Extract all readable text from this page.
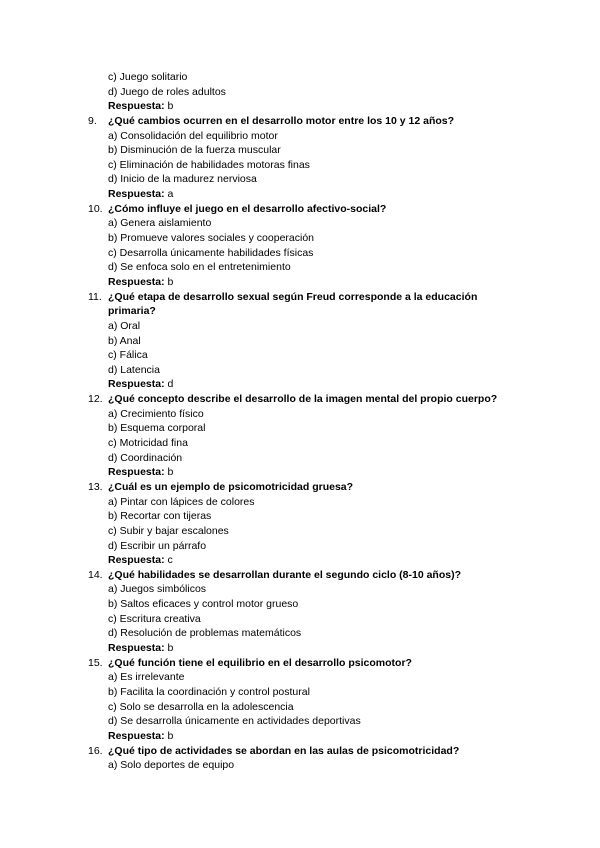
c) Juego solitario
d) Juego de roles adultos
Respuesta: b
9. ¿Qué cambios ocurren en el desarrollo motor entre los 10 y 12 años?
a) Consolidación del equilibrio motor
b) Disminución de la fuerza muscular
c) Eliminación de habilidades motoras finas
d) Inicio de la madurez nerviosa
Respuesta: a
10. ¿Cómo influye el juego en el desarrollo afectivo-social?
a) Genera aislamiento
b) Promueve valores sociales y cooperación
c) Desarrolla únicamente habilidades físicas
d) Se enfoca solo en el entretenimiento
Respuesta: b
11. ¿Qué etapa de desarrollo sexual según Freud corresponde a la educación primaria?
a) Oral
b) Anal
c) Fálica
d) Latencia
Respuesta: d
12. ¿Qué concepto describe el desarrollo de la imagen mental del propio cuerpo?
a) Crecimiento físico
b) Esquema corporal
c) Motricidad fina
d) Coordinación
Respuesta: b
13. ¿Cuál es un ejemplo de psicomotricidad gruesa?
a) Pintar con lápices de colores
b) Recortar con tijeras
c) Subir y bajar escalones
d) Escribir un párrafo
Respuesta: c
14. ¿Qué habilidades se desarrollan durante el segundo ciclo (8-10 años)?
a) Juegos simbólicos
b) Saltos eficaces y control motor grueso
c) Escritura creativa
d) Resolución de problemas matemáticos
Respuesta: b
15. ¿Qué función tiene el equilibrio en el desarrollo psicomotor?
a) Es irrelevante
b) Facilita la coordinación y control postural
c) Solo se desarrolla en la adolescencia
d) Se desarrolla únicamente en actividades deportivas
Respuesta: b
16. ¿Qué tipo de actividades se abordan en las aulas de psicomotricidad?
a) Solo deportes de equipo
